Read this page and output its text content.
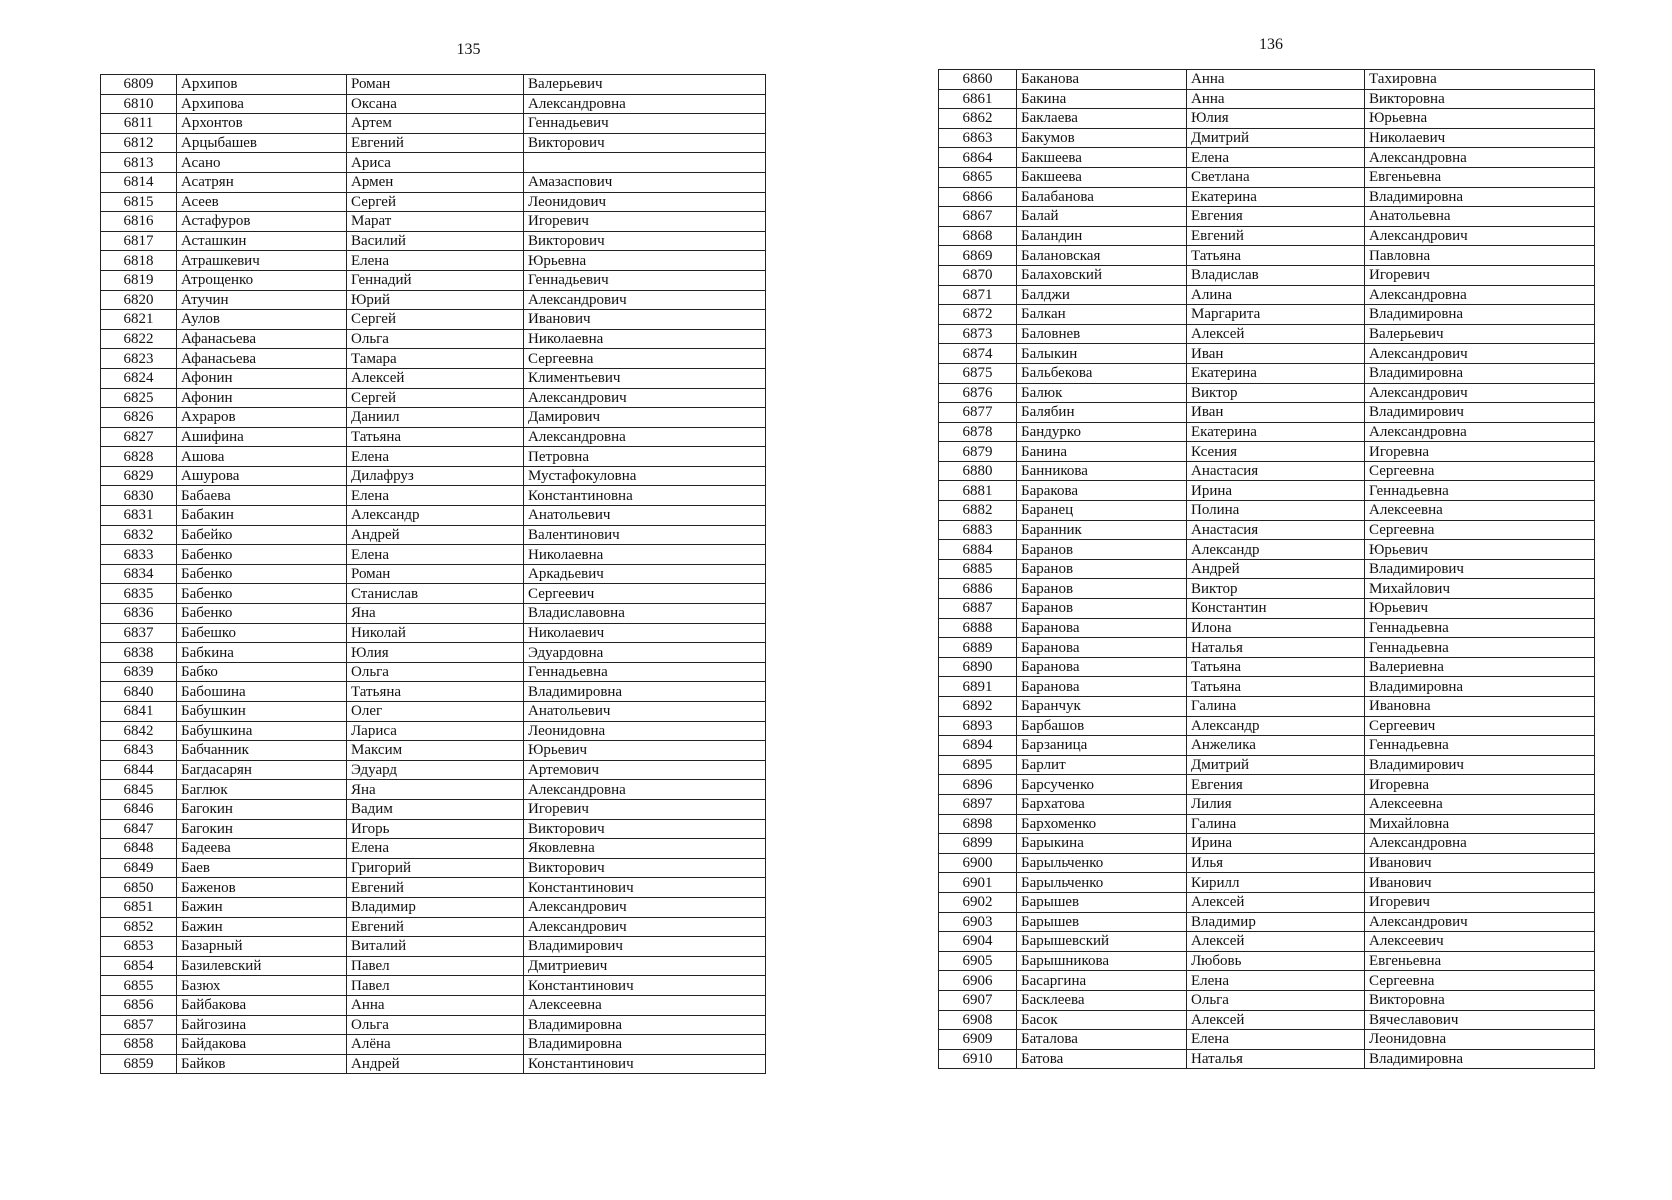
135
6809	Архипов	Роман	Валерьевич
6810	Архипова	Оксана	Александровна
6811	Архонтов	Артем	Геннадьевич
6812	Арцыбашев	Евгений	Викторович
6813	Асано	Ариса	
6814	Асатрян	Армен	Амазаспович
6815	Асеев	Сергей	Леонидович
6816	Астафуров	Марат	Игоревич
6817	Асташкин	Василий	Викторович
6818	Атрашкевич	Елена	Юрьевна
6819	Атрощенко	Геннадий	Геннадьевич
6820	Атучин	Юрий	Александрович
6821	Аулов	Сергей	Иванович
6822	Афанасьева	Ольга	Николаевна
6823	Афанасьева	Тамара	Сергеевна
6824	Афонин	Алексей	Климентьевич
6825	Афонин	Сергей	Александрович
6826	Ахраров	Даниил	Дамирович
6827	Ашифина	Татьяна	Александровна
6828	Ашова	Елена	Петровна
6829	Ашурова	Дилафруз	Мустафокуловна
6830	Бабаева	Елена	Константиновна
6831	Бабакин	Александр	Анатольевич
6832	Бабейко	Андрей	Валентинович
6833	Бабенко	Елена	Николаевна
6834	Бабенко	Роман	Аркадьевич
6835	Бабенко	Станислав	Сергеевич
6836	Бабенко	Яна	Владиславовна
6837	Бабешко	Николай	Николаевич
6838	Бабкина	Юлия	Эдуардовна
6839	Бабко	Ольга	Геннадьевна
6840	Бабошина	Татьяна	Владимировна
6841	Бабушкин	Олег	Анатольевич
6842	Бабушкина	Лариса	Леонидовна
6843	Бабчанник	Максим	Юрьевич
6844	Багдасарян	Эдуард	Артемович
6845	Баглюк	Яна	Александровна
6846	Багокин	Вадим	Игоревич
6847	Багокин	Игорь	Викторович
6848	Бадеева	Елена	Яковлевна
6849	Баев	Григорий	Викторович
6850	Баженов	Евгений	Константинович
6851	Бажин	Владимир	Александрович
6852	Бажин	Евгений	Александрович
6853	Базарный	Виталий	Владимирович
6854	Базилевский	Павел	Дмитриевич
6855	Базюх	Павел	Константинович
6856	Байбакова	Анна	Алексеевна
6857	Байгозина	Ольга	Владимировна
6858	Байдакова	Алёна	Владимировна
6859	Байков	Андрей	Константинович
136
6860	Баканова	Анна	Тахировна
6861	Бакина	Анна	Викторовна
6862	Баклаева	Юлия	Юрьевна
6863	Бакумов	Дмитрий	Николаевич
6864	Бакшеева	Елена	Александровна
6865	Бакшеева	Светлана	Евгеньевна
6866	Балабанова	Екатерина	Владимировна
6867	Балай	Евгения	Анатольевна
6868	Баландин	Евгений	Александрович
6869	Балановская	Татьяна	Павловна
6870	Балаховский	Владислав	Игоревич
6871	Балджи	Алина	Александровна
6872	Балкан	Маргарита	Владимировна
6873	Баловнев	Алексей	Валерьевич
6874	Балыкин	Иван	Александрович
6875	Бальбекова	Екатерина	Владимировна
6876	Балюк	Виктор	Александрович
6877	Балябин	Иван	Владимирович
6878	Бандурко	Екатерина	Александровна
6879	Банина	Ксения	Игоревна
6880	Банникова	Анастасия	Сергеевна
6881	Баракова	Ирина	Геннадьевна
6882	Баранец	Полина	Алексеевна
6883	Баранник	Анастасия	Сергеевна
6884	Баранов	Александр	Юрьевич
6885	Баранов	Андрей	Владимирович
6886	Баранов	Виктор	Михайлович
6887	Баранов	Константин	Юрьевич
6888	Баранова	Илона	Геннадьевна
6889	Баранова	Наталья	Геннадьевна
6890	Баранова	Татьяна	Валериевна
6891	Баранова	Татьяна	Владимировна
6892	Баранчук	Галина	Ивановна
6893	Барбашов	Александр	Сергеевич
6894	Барзаница	Анжелика	Геннадьевна
6895	Барлит	Дмитрий	Владимирович
6896	Барсученко	Евгения	Игоревна
6897	Бархатова	Лилия	Алексеевна
6898	Бархоменко	Галина	Михайловна
6899	Барыкина	Ирина	Александровна
6900	Барыльченко	Илья	Иванович
6901	Барыльченко	Кирилл	Иванович
6902	Барышев	Алексей	Игоревич
6903	Барышев	Владимир	Александрович
6904	Барышевский	Алексей	Алексеевич
6905	Барышникова	Любовь	Евгеньевна
6906	Басаргина	Елена	Сергеевна
6907	Басклеева	Ольга	Викторовна
6908	Басок	Алексей	Вячеславович
6909	Баталова	Елена	Леонидовна
6910	Батова	Наталья	Владимировна
